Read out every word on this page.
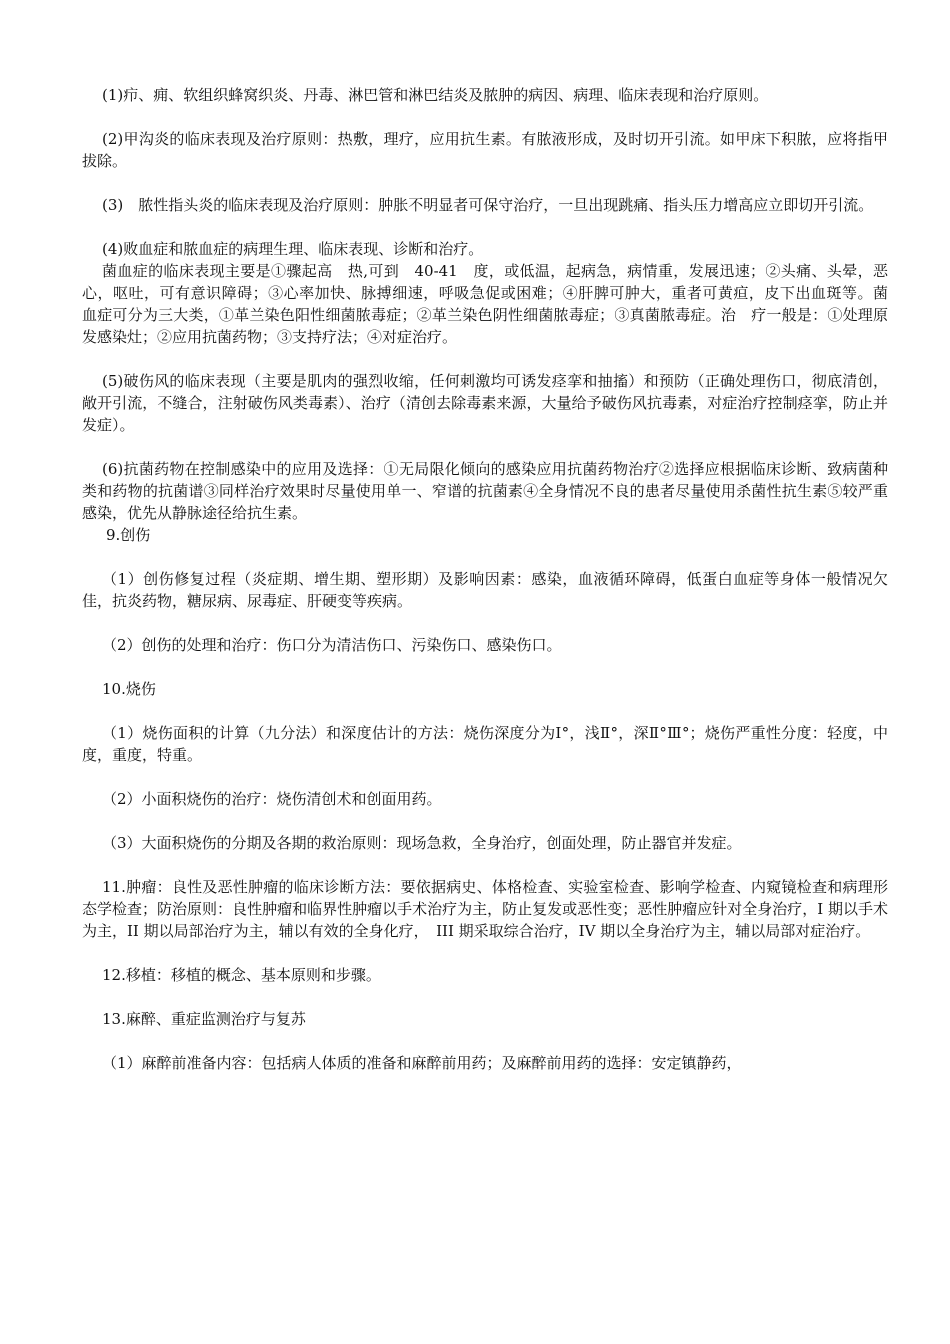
(1)疖、痈、软组织蜂窝织炎、丹毒、淋巴管和淋巴结炎及脓肿的病因、病理、临床表现和治疗原则。

(2)甲沟炎的临床表现及治疗原则：热敷，理疗，应用抗生素。有脓液形成，及时切开引流。如甲床下积脓，应将指甲拔除。

(3)　脓性指头炎的临床表现及治疗原则：肿胀不明显者可保守治疗，一旦出现跳痛、指头压力增高应立即切开引流。

(4)败血症和脓血症的病理生理、临床表现、诊断和治疗。

菌血症的临床表现主要是①骤起高　热,可到　40-41　度，或低温，起病急，病情重，发展迅速；②头痛、头晕，恶心，呕吐，可有意识障碍；③心率加快、脉搏细速，呼吸急促或困难；④肝脾可肿大，重者可黄疸，皮下出血斑等。菌　血症可分为三大类，①革兰染色阳性细菌脓毒症；②革兰染色阴性细菌脓毒症；③真菌脓毒症。治　疗一般是：①处理原发感染灶；②应用抗菌药物；③支持疗法；④对症治疗。

(5)破伤风的临床表现（主要是肌肉的强烈收缩，任何刺激均可诱发痉挛和抽搐）和预防（正确处理伤口，彻底清创，敞开引流，不缝合，注射破伤风类毒素）、治疗（清创去除毒素来源，大量给予破伤风抗毒素，对症治疗控制痉挛，防止并发症）。

(6)抗菌药物在控制感染中的应用及选择：①无局限化倾向的感染应用抗菌药物治疗②选择应根据临床诊断、致病菌种类和药物的抗菌谱③同样治疗效果时尽量使用单一、窄谱的抗菌素④全身情况不良的患者尽量使用杀菌性抗生素⑤较严重感染，优先从静脉途径给抗生素。

9.创伤

（1）创伤修复过程（炎症期、增生期、塑形期）及影响因素：感染，血液循环障碍，低蛋白血症等身体一般情况欠佳，抗炎药物，糖尿病、尿毒症、肝硬变等疾病。

（2）创伤的处理和治疗：伤口分为清洁伤口、污染伤口、感染伤口。

10.烧伤

（1）烧伤面积的计算（九分法）和深度估计的方法：烧伤深度分为Ⅰ°，浅Ⅱ°，深Ⅱ°Ⅲ°；烧伤严重性分度：轻度，中度，重度，特重。

（2）小面积烧伤的治疗：烧伤清创术和创面用药。

（3）大面积烧伤的分期及各期的救治原则：现场急救，全身治疗，创面处理，防止器官并发症。

11.肿瘤：良性及恶性肿瘤的临床诊断方法：要依据病史、体格检查、实验室检查、影响学检查、内窥镜检查和病理形态学检查；防治原则：良性肿瘤和临界性肿瘤以手术治疗为主，防止复发或恶性变；恶性肿瘤应针对全身治疗，I 期以手术为主，II 期以局部治疗为主，辅以有效的全身化疗，　III 期采取综合治疗，IV 期以全身治疗为主，辅以局部对症治疗。

12.移植：移植的概念、基本原则和步骤。

13.麻醉、重症监测治疗与复苏

（1）麻醉前准备内容：包括病人体质的准备和麻醉前用药；及麻醉前用药的选择：安定镇静药，
